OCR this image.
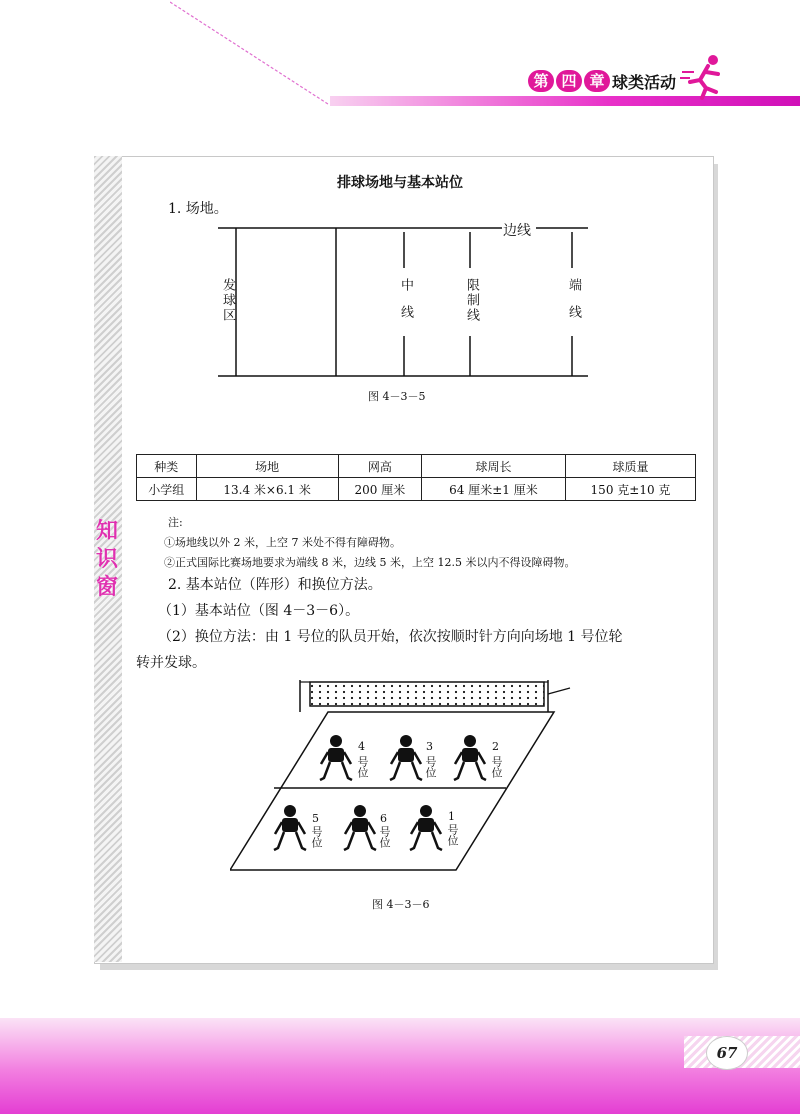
第 四 章 球类活动
知
识
窗
排球场地与基本站位
1. 场地。
边线
发球区	中线	限制线	端线
图 4－3－5
种类	场地	网高	球周长	球质量
小学组	13.4 米×6.1 米	200 厘米	64 厘米±1 厘米	150 克±10 克
注:
①场地线以外 2 米，上空 7 米处不得有障碍物。
②正式国际比赛场地要求为端线 8 米，边线 5 米，上空 12.5 米以内不得设障碍物。
2. 基本站位（阵形）和换位方法。
（1）基本站位（图 4－3－6）。
（2）换位方法：由 1 号位的队员开始，依次按顺时针方向向场地 1 号位轮
转并发球。
4
号位
3
号位
2
号位
5
号位
6
号位
1
号位
图 4－3－6
67
